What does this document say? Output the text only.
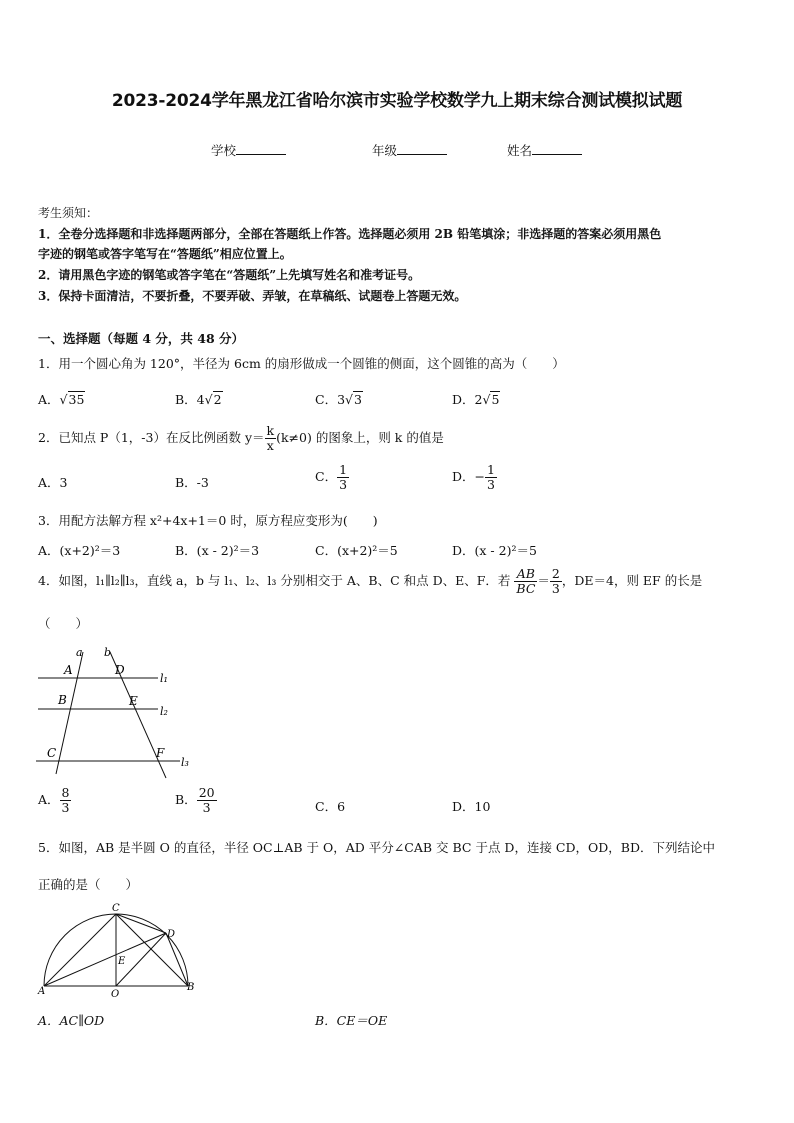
2023-2024学年黑龙江省哈尔滨市实验学校数学九上期末综合测试模拟试题
学校	年级	姓名
考生须知：
1．全卷分选择题和非选择题两部分，全部在答题纸上作答。选择题必须用 2B 铅笔填涂；非选择题的答案必须用黑色
字迹的钢笔或答字笔写在“答题纸”相应位置上。
2．请用黑色字迹的钢笔或答字笔在“答题纸”上先填写姓名和准考证号。
3．保持卡面清洁，不要折叠，不要弄破、弄皱，在草稿纸、试题卷上答题无效。
一、选择题（每题 4 分，共 48 分）
1．用一个圆心角为 120°，半径为 6cm 的扇形做成一个圆锥的侧面，这个圆锥的高为（　　）
A．√35	B．4√2	C．3√3	D．2√5
2．已知点 P（1，-3）在反比例函数 $y= \frac{k}{x} (k\ne 0)$ 的图象上，则 k 的值是
A．3	B．-3	C． $\frac{1}{3}$	D．− $\frac{1}{3}$
3．用配方法解方程 x²+4x+1＝0 时，原方程应变形为(　　)
A．(x+2)²＝3	B．(x - 2)²＝3	C．(x+2)²＝5	D．(x - 2)²＝5
4．如图，l₁∥l₂∥l₃，直线 a，b 与 l₁、l₂、l₃ 分别相交于 A、B、C 和点 D、E、F．若 $\frac{AB}{BC} = \frac{2}{3}$ ，DE＝4，则 EF 的长是
（　　）
a b
A	D
B	E
C	F
l₁
l₂
l₃
A． $\frac{8}{3}$	B． $\frac{20}{3}$	C．6	D．10
5．如图，AB 是半圆 O 的直径，半径 OC⊥AB 于 O，AD 平分∠CAB 交 BC 于点 D，连接 CD，OD，BD．下列结论中
正确的是（　　）
C
D
E
A	O
B
A．AC∥OD	B．CE＝OE
